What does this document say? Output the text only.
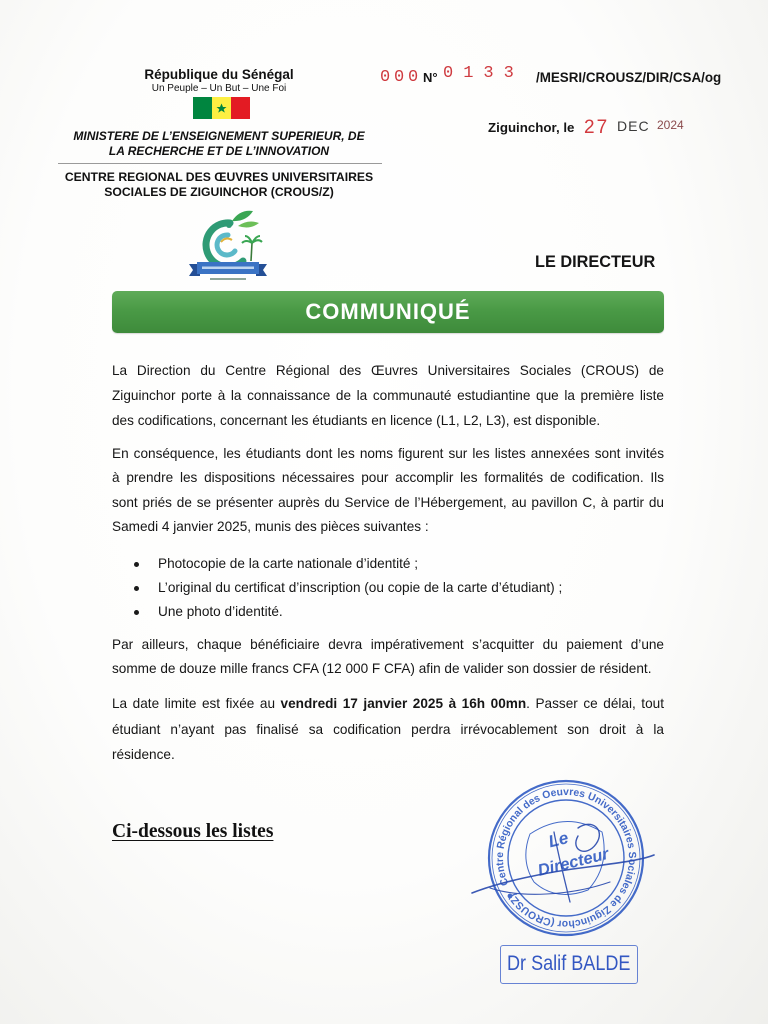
République du Sénégal
Un Peuple – Un But – Une Foi
MINISTERE DE L’ENSEIGNEMENT SUPERIEUR, DE
LA RECHERCHE ET DE L’INNOVATION
CENTRE REGIONAL DES ŒUVRES UNIVERSITAIRES
SOCIALES DE ZIGUINCHOR (CROUS/Z)
000 N° 0133 /MESRI/CROUSZ/DIR/CSA/og
Ziguinchor, le 27 DEC 2024
LE DIRECTEUR
COMMUNIQUÉ
La Direction du Centre Régional des Œuvres Universitaires Sociales (CROUS) de
Ziguinchor porte à la connaissance de la communauté estudiantine que la première liste
des codifications, concernant les étudiants en licence (L1, L2, L3), est disponible.
En conséquence, les étudiants dont les noms figurent sur les listes annexées sont invités
à prendre les dispositions nécessaires pour accomplir les formalités de codification. Ils
sont priés de se présenter auprès du Service de l’Hébergement, au pavillon C, à partir du
Samedi 4 janvier 2025, munis des pièces suivantes :
Photocopie de la carte nationale d’identité ;
L’original du certificat d’inscription (ou copie de la carte d’étudiant) ;
Une photo d’identité.
Par ailleurs, chaque bénéficiaire devra impérativement s’acquitter du paiement d’une
somme de douze mille francs CFA (12 000 F CFA) afin de valider son dossier de résident.
La date limite est fixée au vendredi 17 janvier 2025 à 16h 00mn. Passer ce délai, tout
étudiant n’ayant pas finalisé sa codification perdra irrévocablement son droit à la
résidence.
Ci-dessous les listes
Centre Régional des Oeuvres Universitaires Sociales de Ziguinchor (CROUSZ)
Le
Directeur
Dr Salif BALDE
